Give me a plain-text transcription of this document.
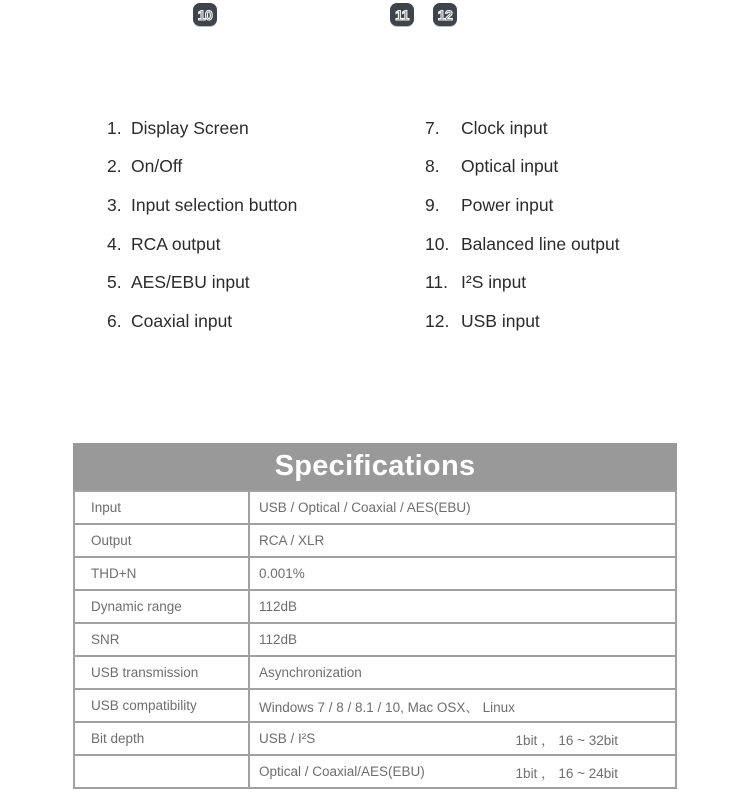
10	11	12
1. Display Screen
2. On/Off
3. Input selection button
4. RCA output
5. AES/EBU input
6. Coaxial input
7.	Clock input
8.	Optical input
9.	Power input
10. Balanced line output
11. I²S input
12. USB input
Specifications
Input	USB / Optical / Coaxial / AES(EBU)

Output	RCA / XLR

THD+N	0.001%

Dynamic range	112dB

SNR	112dB

USB transmission	Asynchronization

USB compatibility	Windows 7 / 8 / 8.1 / 10, Mac OSX、 Linux

Bit depth	USB / I²S 1bit ， 16 ~ 32bit

	Optical / Coaxial/AES(EBU) 1bit ， 16 ~ 24bit
